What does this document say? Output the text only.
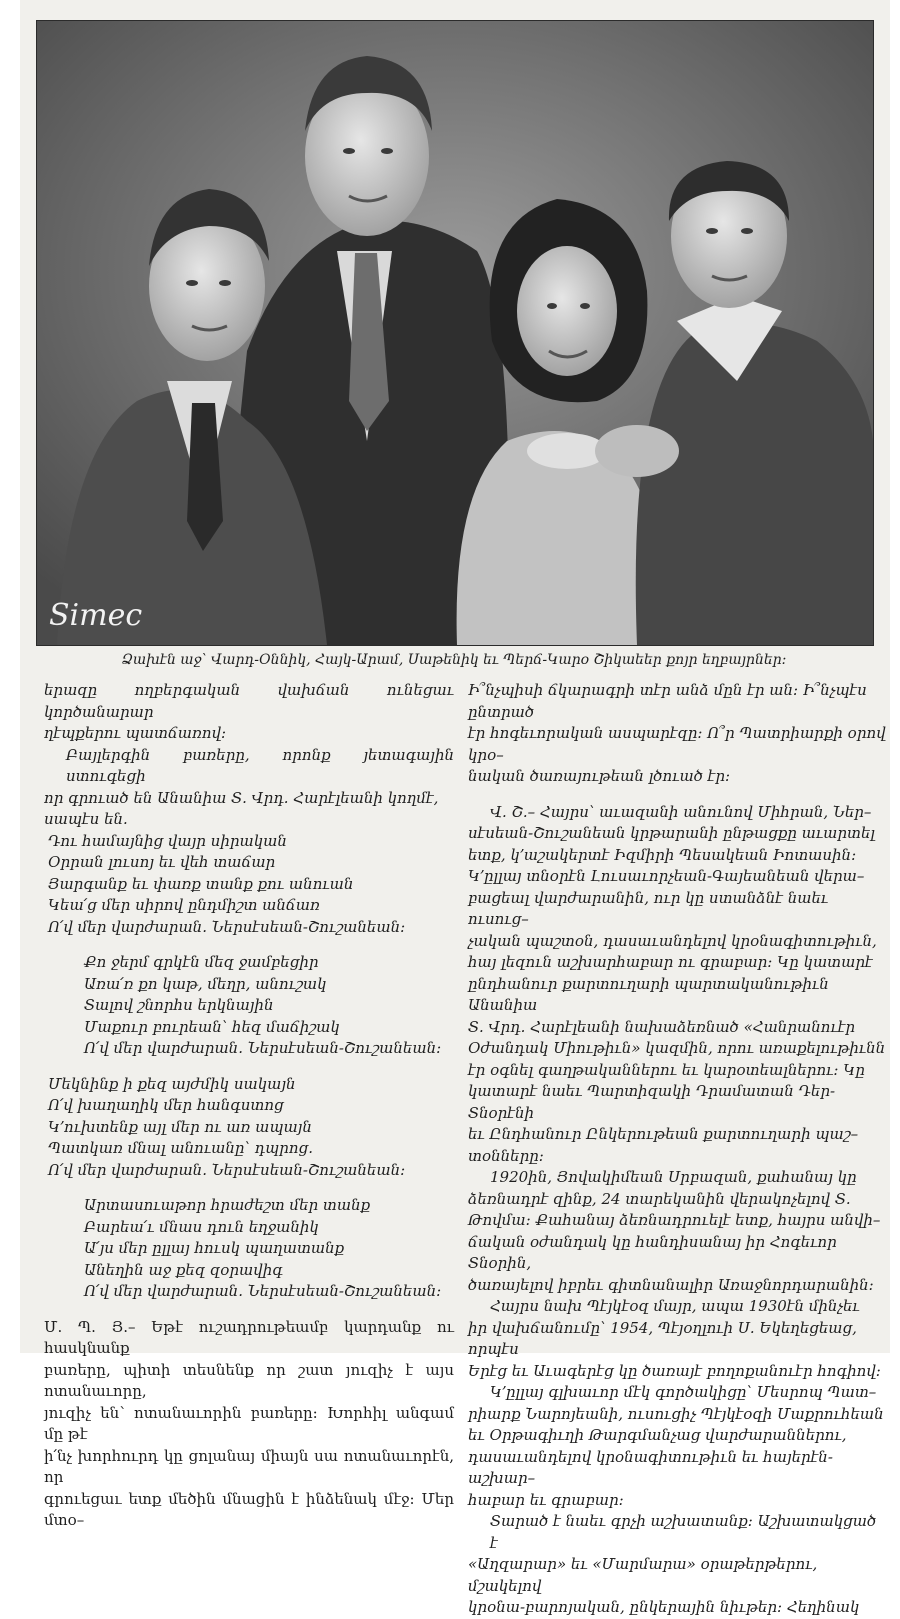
Simec
Ձախէն աջ՝ Վարդ-Օննիկ, Հայկ-Արամ, Սաթենիկ եւ Պերճ-Կարօ Շիկաեեր քոյր եղբայրներ։
երազը ողբերգական վախճան ունեցաւ կործանարար
ղէպքերու պատճառով։
Բայլերգին բառերը, որոնք յետագային ստուգեցի
որ գրուած են Անանիա Տ. Վրդ. Հարէլեանի կողմէ,
սապէս են.
Դու համայնից վայր սիրական
Օրրան լուսոյ եւ վեհ տաճար
Յարգանք եւ փառք տանք քու անուան
Կեա՛ց մեր սիրով ընդմիշտ անճառ
Ո՛վ մեր վարժարան. Ներսէսեան-Շուշանեան։
Քո ջերմ գրկէն մեզ ջամբեցիր
Առա՛ռ քո կաթ, մեղր, անուշակ
Տալով շնորհս երկնային
Մաքուր բուրեան՝ հեզ մաճիշակ
Ո՛վ մեր վարժարան. Ներսէսեան-Շուշանեան։
Մեկնինք ի քեզ այժմիկ սակայն
Ո՛վ խաղաղիկ մեր հանգստոց
Կ՚ուխտենք այլ մեր ու առ ապայն
Պատկառ մնալ անուանը՝ դպրոց.
Ո՛վ մեր վարժարան. Ներսէսեան-Շուշանեան։
Արտասուաթոր հրաժեշտ մեր տանք
Բարեա՛ւ մնաս դուն եղջանիկ
Ա՛յս մեր ըլլայ հուսկ պաղատանք
Անեղին աջ քեզ զօրավիգ
Ո՛վ մեր վարժարան. Ներսէսեան-Շուշանեան։
Մ. Պ. Յ.– Եթէ ուշադրութեամբ կարդանք ու հասկնանք
բառերը, պիտի տեսնենք որ շատ յուզիչ է այս ոտանաւորը,
յուզիչ են՝ ոտանաւորին բառերը։ Խորհիլ անգամ մը թէ
ի՛նչ խորհուրդ կը ցոլանայ միայն սա ոտանաւորէն, որ
գրուեցաւ ետք մեծին մնացին է ինձենակ մէջ։ Մեր մտօ–
Ի՞նչպիսի ճկարագրի տէր անձ մըն էր ան։ Ի՞նչպէս ընտրած
էր հոգեւորական ասպարէզը։ Ո՞ր Պատրիարքի օրով կրօ–
նական ծառայութեան լծուած էր։
Վ. Շ.– Հայրս՝ աւազանի անունով Միհրան, Ներ–
սէսեան-Շուշանեան կրթարանի ընթացքը աւարտել
ետք, կ՚աշակերտէ Իզմիրի Պեսակեան Իոտասին։
Կ՚ըլլայ տնօրէն Լուսաւորչեան-Գայեանեան վերա–
բացեալ վարժարանին, ուր կը ստանձնէ նաեւ ուսուց–
չական պաշտօն, դասաւանդելով կրօնագիտութիւն,
հայ լեզուն աշխարհաբար ու գրաբար։ Կը կատարէ
ընդհանուր քարտուղարի պարտականութիւն Անանիա
Տ. Վրդ. Հարէլեանի նախաձեռնած «Հանրանուէր
Օժանդակ Միութիւն» կազմին, որու առաքելութիւնն
էր օգնել գաղթականներու եւ կարօտեալներու։ Կը
կատարէ նաեւ Պարտիզակի Դրամատան Դեր-Տնօրէնի
եւ Ընդհանուր Ընկերութեան քարտուղարի պաշ–
տօնները։
1920ին, Յովակիմեան Սրբազան, քահանայ կը
ձեռնադրէ զինք, 24 տարեկանին վերակոչելով Տ.
Թովմա։ Քահանայ ձեռնադրուելէ ետք, հայրս անվի–
ճական օժանդակ կը հանդիսանայ իր Հոգեւոր Տնօրին,
ծառայելով իբրեւ գիտնանալիր Առաջնորդարանին։
Հայրս նախ Պէյկէօզ մայր, ապա 1930էն մինչեւ
իր վախճանումը՝ 1954, Պէյօղլուի Ս. Եկեղեցեաց, որպէս
Երէց եւ Աւագերէց կը ծառայէ բողոքանուէր հոգիով։
Կ՚ըլլայ գլխաւոր մէկ գործակիցը՝ Մեսրոպ Պատ–
րիարք Նարոյեանի, ուսուցիչ Պէյկէօզի Մաքրուհեան
եւ Օրթագիւղի Թարգմանչաց վարժարաններու,
դասաւանդելով կրօնագիտութիւն եւ հայերէն-աշխար–
հաբար եւ գրաբար։
Տարած է նաեւ գրչի աշխատանք։ Աշխատակցած է
«Աղզարար» եւ «Մարմարա» օրաթերթերու, մշակելով
կրօնա-բարոյական, ընկերային նիւթեր։ Հեղինակ
